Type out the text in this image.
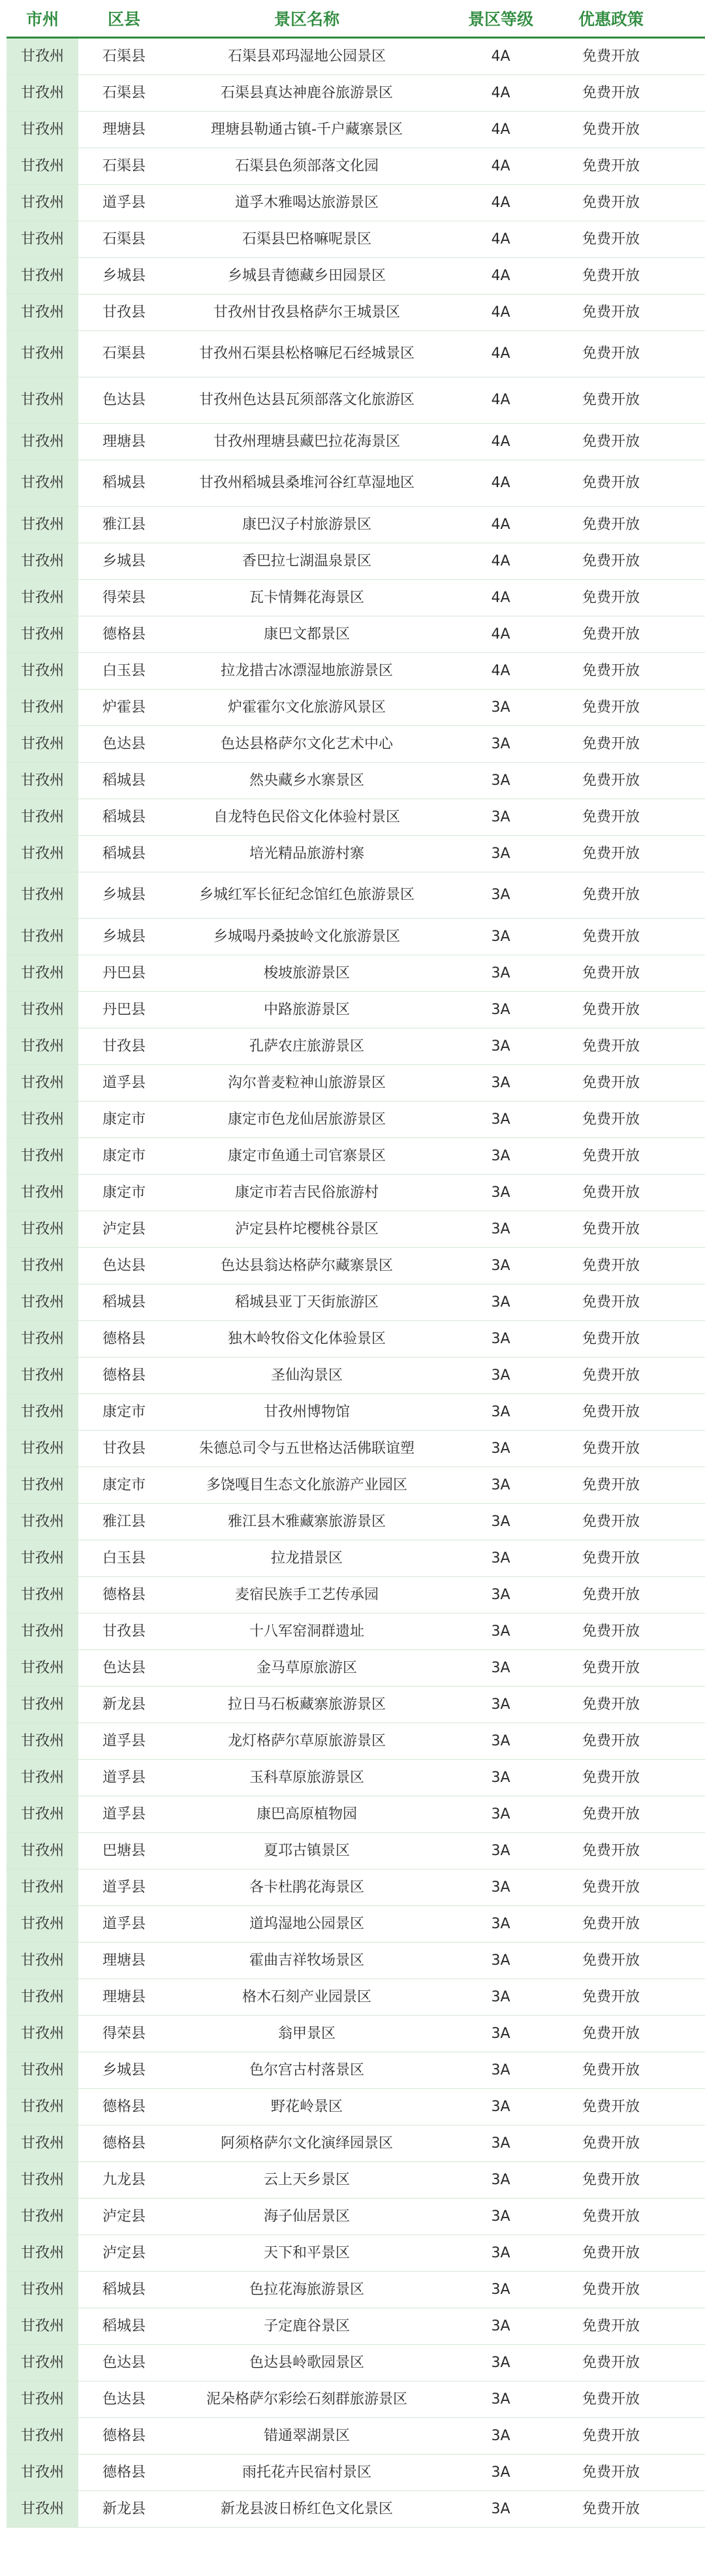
市州	区县	景区名称	景区等级	优惠政策
甘孜州	石渠县	石渠县邓玛湿地公园景区	4A	免费开放
甘孜州	石渠县	石渠县真达神鹿谷旅游景区	4A	免费开放
甘孜州	理塘县	理塘县勒通古镇-千户藏寨景区	4A	免费开放
甘孜州	石渠县	石渠县色须部落文化园	4A	免费开放
甘孜州	道孚县	道孚木雅喝达旅游景区	4A	免费开放
甘孜州	石渠县	石渠县巴格嘛呢景区	4A	免费开放
甘孜州	乡城县	乡城县青德藏乡田园景区	4A	免费开放
甘孜州	甘孜县	甘孜州甘孜县格萨尔王城景区	4A	免费开放
甘孜州	石渠县	甘孜州石渠县松格嘛尼石经城景区	4A	免费开放
甘孜州	色达县	甘孜州色达县瓦须部落文化旅游区	4A	免费开放
甘孜州	理塘县	甘孜州理塘县藏巴拉花海景区	4A	免费开放
甘孜州	稻城县	甘孜州稻城县桑堆河谷红草湿地区	4A	免费开放
甘孜州	雅江县	康巴汉子村旅游景区	4A	免费开放
甘孜州	乡城县	香巴拉七湖温泉景区	4A	免费开放
甘孜州	得荣县	瓦卡情舞花海景区	4A	免费开放
甘孜州	德格县	康巴文都景区	4A	免费开放
甘孜州	白玉县	拉龙措古冰漂湿地旅游景区	4A	免费开放
甘孜州	炉霍县	炉霍霍尔文化旅游风景区	3A	免费开放
甘孜州	色达县	色达县格萨尔文化艺术中心	3A	免费开放
甘孜州	稻城县	然央藏乡水寨景区	3A	免费开放
甘孜州	稻城县	自龙特色民俗文化体验村景区	3A	免费开放
甘孜州	稻城县	培光精品旅游村寨	3A	免费开放
甘孜州	乡城县	乡城红军长征纪念馆红色旅游景区	3A	免费开放
甘孜州	乡城县	乡城喝丹桑披岭文化旅游景区	3A	免费开放
甘孜州	丹巴县	梭坡旅游景区	3A	免费开放
甘孜州	丹巴县	中路旅游景区	3A	免费开放
甘孜州	甘孜县	孔萨农庄旅游景区	3A	免费开放
甘孜州	道孚县	沟尔普麦粒神山旅游景区	3A	免费开放
甘孜州	康定市	康定市色龙仙居旅游景区	3A	免费开放
甘孜州	康定市	康定市鱼通土司官寨景区	3A	免费开放
甘孜州	康定市	康定市若吉民俗旅游村	3A	免费开放
甘孜州	泸定县	泸定县杵坨樱桃谷景区	3A	免费开放
甘孜州	色达县	色达县翁达格萨尔藏寨景区	3A	免费开放
甘孜州	稻城县	稻城县亚丁天街旅游区	3A	免费开放
甘孜州	德格县	独木岭牧俗文化体验景区	3A	免费开放
甘孜州	德格县	圣仙沟景区	3A	免费开放
甘孜州	康定市	甘孜州博物馆	3A	免费开放
甘孜州	甘孜县	朱德总司令与五世格达活佛联谊塑	3A	免费开放
甘孜州	康定市	多饶嘎目生态文化旅游产业园区	3A	免费开放
甘孜州	雅江县	雅江县木雅藏寨旅游景区	3A	免费开放
甘孜州	白玉县	拉龙措景区	3A	免费开放
甘孜州	德格县	麦宿民族手工艺传承园	3A	免费开放
甘孜州	甘孜县	十八军窑洞群遗址	3A	免费开放
甘孜州	色达县	金马草原旅游区	3A	免费开放
甘孜州	新龙县	拉日马石板藏寨旅游景区	3A	免费开放
甘孜州	道孚县	龙灯格萨尔草原旅游景区	3A	免费开放
甘孜州	道孚县	玉科草原旅游景区	3A	免费开放
甘孜州	道孚县	康巴高原植物园	3A	免费开放
甘孜州	巴塘县	夏邛古镇景区	3A	免费开放
甘孜州	道孚县	各卡杜鹃花海景区	3A	免费开放
甘孜州	道孚县	道坞湿地公园景区	3A	免费开放
甘孜州	理塘县	霍曲吉祥牧场景区	3A	免费开放
甘孜州	理塘县	格木石刻产业园景区	3A	免费开放
甘孜州	得荣县	翁甲景区	3A	免费开放
甘孜州	乡城县	色尔宫古村落景区	3A	免费开放
甘孜州	德格县	野花岭景区	3A	免费开放
甘孜州	德格县	阿须格萨尔文化演绎园景区	3A	免费开放
甘孜州	九龙县	云上天乡景区	3A	免费开放
甘孜州	泸定县	海子仙居景区	3A	免费开放
甘孜州	泸定县	天下和平景区	3A	免费开放
甘孜州	稻城县	色拉花海旅游景区	3A	免费开放
甘孜州	稻城县	子定鹿谷景区	3A	免费开放
甘孜州	色达县	色达县岭歌园景区	3A	免费开放
甘孜州	色达县	泥朵格萨尔彩绘石刻群旅游景区	3A	免费开放
甘孜州	德格县	错通翠湖景区	3A	免费开放
甘孜州	德格县	雨托花卉民宿村景区	3A	免费开放
甘孜州	新龙县	新龙县波日桥红色文化景区	3A	免费开放
